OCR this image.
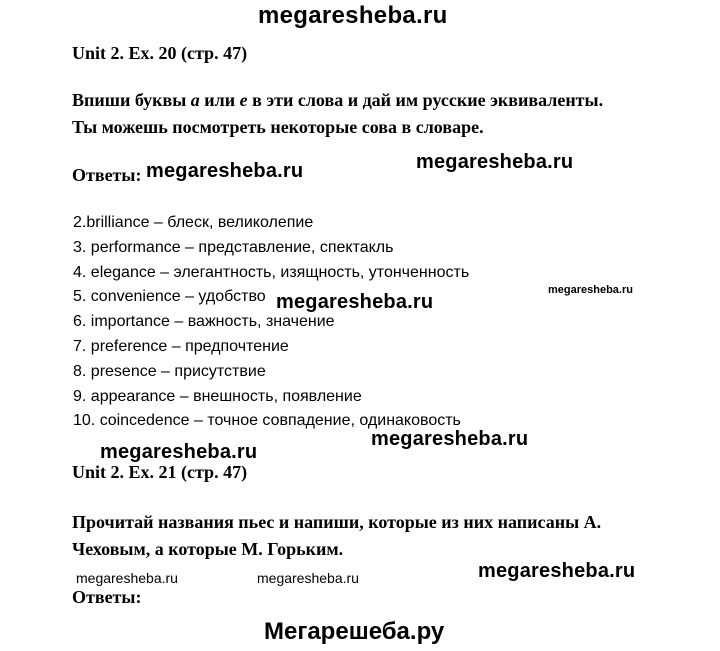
megaresheba.ru
Unit 2. Ex. 20 (стр. 47)
Впиши буквы a или e в эти слова и дай им русские эквиваленты.
Ты можешь посмотреть некоторые сова в словаре.
Ответы: megaresheba.ru	megaresheba.ru
2.brilliance – блеск, великолепие
3. performance – представление, спектакль
4. elegance – элегантность, изящность, утонченность
5. convenience – удобство
6. importance – важность, значение
7. preference – предпочтение
8. presence – присутствие
9. appearance – внешность, появление
10. coincedence – точное совпадение, одинаковость
megaresheba.ru
megaresheba.ru
megaresheba.ru
megaresheba.ru
Unit 2. Ex. 21 (стр. 47)
Прочитай названия пьес и напиши, которые из них написаны А.
Чеховым, а которые М. Горьким.
megaresheba.ru	megaresheba.ru	megaresheba.ru
Ответы:
Мегарешеба.ру
